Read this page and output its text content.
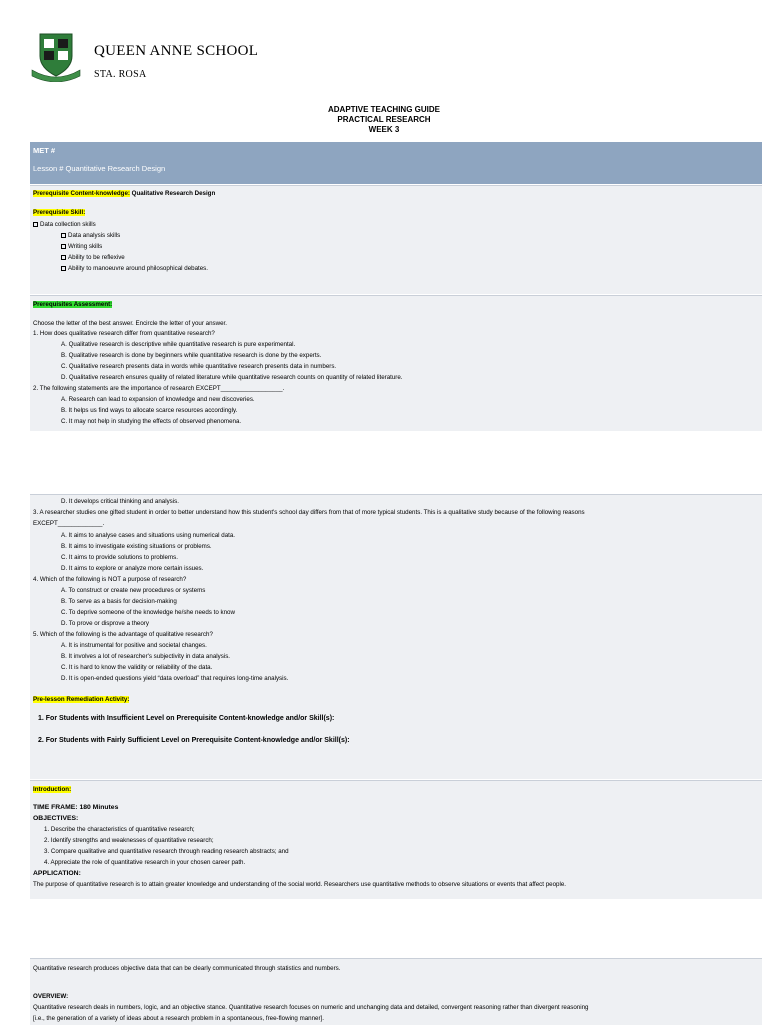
QUEEN ANNE SCHOOL
STA. ROSA
ADAPTIVE TEACHING GUIDE
PRACTICAL RESEARCH
WEEK 3
MET #
Lesson # Quantitative Research Design
Prerequisite Content-knowledge: Qualitative Research Design
Prerequisite Skill:
Data collection skills
Data analysis skills
Writing skills
Ability to be reflexive
Ability to manoeuvre around philosophical debates.
Prerequisites Assessment:
Choose the letter of the best answer. Encircle the letter of your answer.
1. How does qualitative research differ from quantitative research?
A. Qualitative research is descriptive while quantitative research is pure experimental.
B. Qualitative research is done by beginners while quantitative research is done by the experts.
C. Qualitative research presents data in words while quantitative research presents data in numbers.
D. Qualitative research ensures quality of related literature while quantitative research counts on quantity of related literature.
2. The following statements are the importance of research EXCEPT__________________.
A. Research can lead to expansion of knowledge and new discoveries.
B. It helps us find ways to allocate scarce resources accordingly.
C. It may not help in studying the effects of observed phenomena.
D. It develops critical thinking and analysis.
3. A researcher studies one gifted student in order to better understand how this student's school day differs from that of more typical students. This is a qualitative study because of the following reasons
EXCEPT_____________.
A. It aims to analyse cases and situations using numerical data.
B. It aims to investigate existing situations or problems.
C. It aims to provide solutions to problems.
D. It aims to explore or analyze more certain issues.
4. Which of the following is NOT a purpose of research?
A. To construct or create new procedures or systems
B. To serve as a basis for decision-making
C. To deprive someone of the knowledge he/she needs to know
D. To prove or disprove a theory
5. Which of the following is the advantage of qualitative research?
A. It is instrumental for positive and societal changes.
B. It involves a lot of researcher's subjectivity in data analysis.
C. It is hard to know the validity or reliability of the data.
D. It is open-ended questions yield “data overload” that requires long-time analysis.
Pre-lesson Remediation Activity:
1. For Students with Insufficient Level on Prerequisite Content-knowledge and/or Skill(s):
2. For Students with Fairly Sufficient Level on Prerequisite Content-knowledge and/or Skill(s):
Introduction:
TIME FRAME: 180 Minutes
OBJECTIVES:
1. Describe the characteristics of quantitative research;
2. Identify strengths and weaknesses of quantitative research;
3. Compare qualitative and quantitative research through reading research abstracts; and
4. Appreciate the role of quantitative research in your chosen career path.
APPLICATION:
The purpose of quantitative research is to attain greater knowledge and understanding of the social world. Researchers use quantitative methods to observe situations or events that affect people.
Quantitative research produces objective data that can be clearly communicated through statistics and numbers.
OVERVIEW:
Quantitative research deals in numbers, logic, and an objective stance. Quantitative research focuses on numeric and unchanging data and detailed, convergent reasoning rather than divergent reasoning
[i.e., the generation of a variety of ideas about a research problem in a spontaneous, free-flowing manner].
